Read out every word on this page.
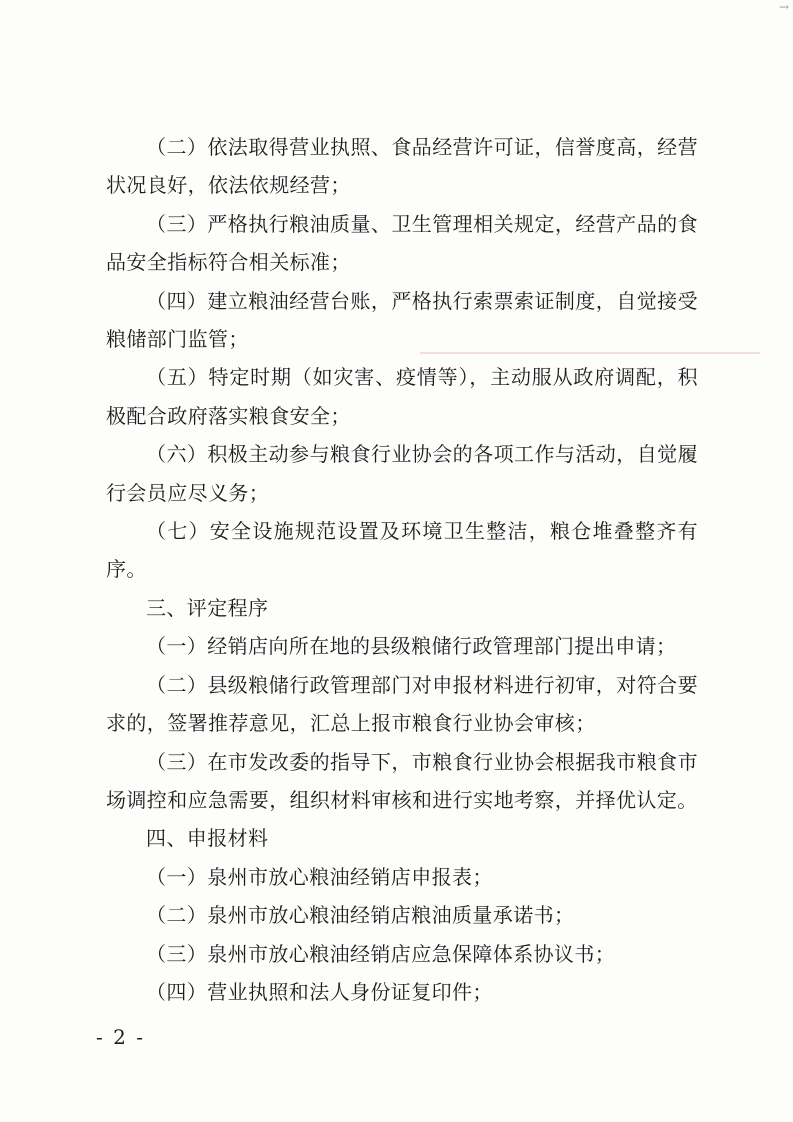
（二）依法取得营业执照、食品经营许可证，信誉度高，经营状况良好，依法依规经营；

（三）严格执行粮油质量、卫生管理相关规定，经营产品的食品安全指标符合相关标准；

（四）建立粮油经营台账，严格执行索票索证制度，自觉接受粮储部门监管；

（五）特定时期（如灾害、疫情等），主动服从政府调配，积极配合政府落实粮食安全；

（六）积极主动参与粮食行业协会的各项工作与活动，自觉履行会员应尽义务；

（七）安全设施规范设置及环境卫生整洁，粮仓堆叠整齐有序。

三、评定程序

（一）经销店向所在地的县级粮储行政管理部门提出申请；

（二）县级粮储行政管理部门对申报材料进行初审，对符合要求的，签署推荐意见，汇总上报市粮食行业协会审核；

（三）在市发改委的指导下，市粮食行业协会根据我市粮食市场调控和应急需要，组织材料审核和进行实地考察，并择优认定。

四、申报材料

（一）泉州市放心粮油经销店申报表；

（二）泉州市放心粮油经销店粮油质量承诺书；

（三）泉州市放心粮油经销店应急保障体系协议书；

（四）营业执照和法人身份证复印件；

- 2 -
→
